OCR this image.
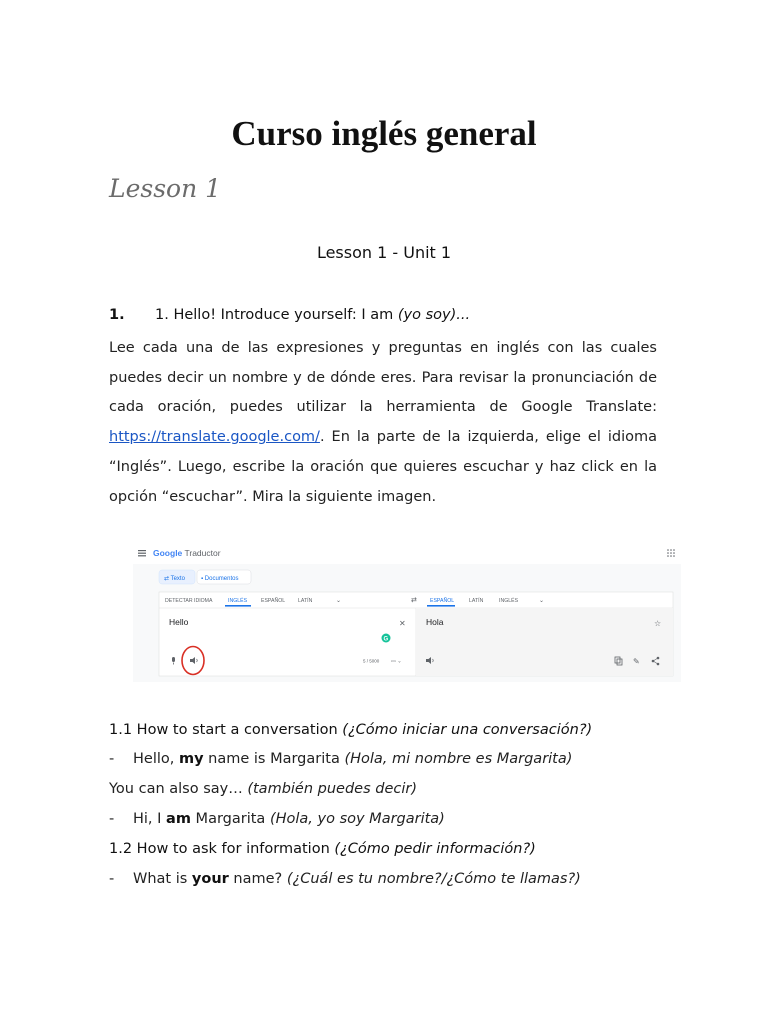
Curso inglés general
Lesson 1
Lesson 1 - Unit 1
1. 1. Hello! Introduce yourself: I am (yo soy)...
Lee cada una de las expresiones y preguntas en inglés con las cuales puedes decir un nombre y de dónde eres. Para revisar la pronunciación de cada oración, puedes utilizar la herramienta de Google Translate: https://translate.google.com/. En la parte de la izquierda, elige el idioma “Inglés”. Luego, escribe la oración que quieres escuchar y haz click en la opción “escuchar”. Mira la siguiente imagen.
Google Traductor
⇄ Texto	▪ Documentos
DETECTAR IDIOMA	INGLÉS	ESPAÑOL	LATÍN	⌄	⇄	ESPAÑOL	LATÍN	INGLÉS	⌄
Hello	Hola
✕	☆
G
5 / 5000 ▭ ⌄	✎
1.1 How to start a conversation (¿Cómo iniciar una conversación?)
- Hello, my name is Margarita (Hola, mi nombre es Margarita)
You can also say… (también puedes decir)
- Hi, I am Margarita (Hola, yo soy Margarita)
1.2 How to ask for information (¿Cómo pedir información?)
- What is your name? (¿Cuál es tu nombre?/¿Cómo te llamas?)
